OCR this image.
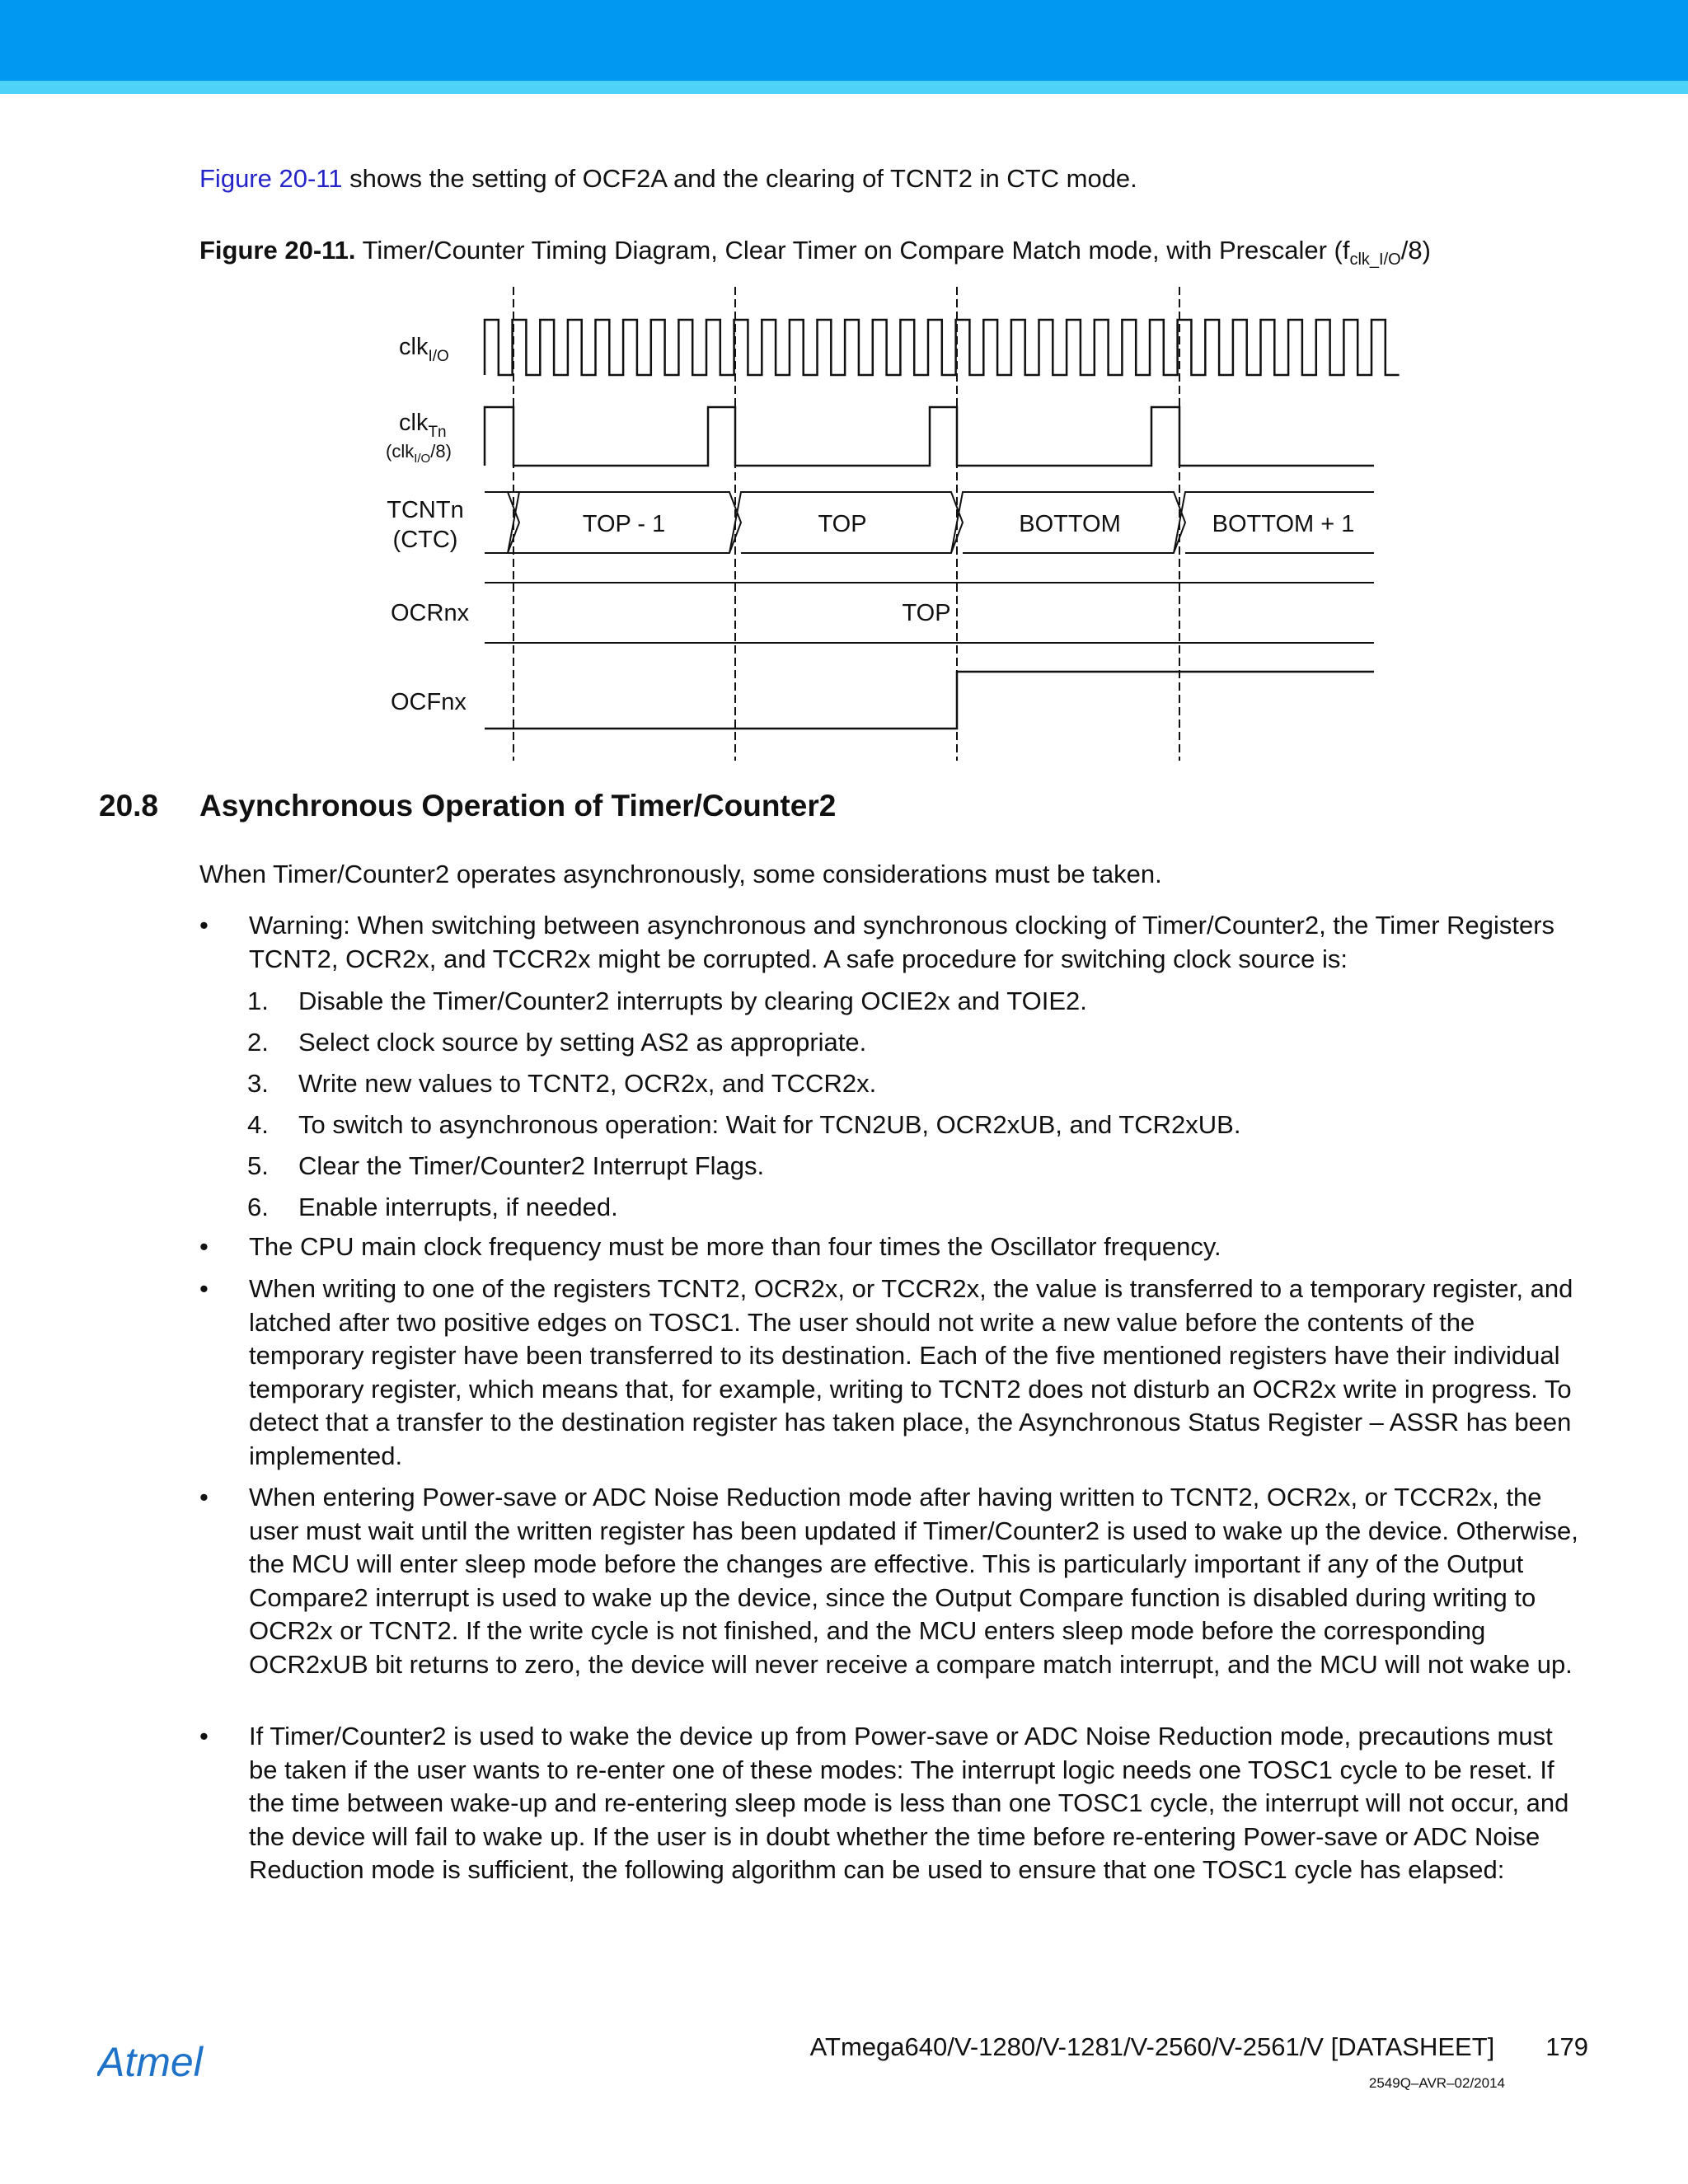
Figure 20-11 shows the setting of OCF2A and the clearing of TCNT2 in CTC mode.
Figure 20-11. Timer/Counter Timing Diagram, Clear Timer on Compare Match mode, with Prescaler $(f_{clk\_I/O}/8)$
clk$_{I/O}$
clk$_{Tn}$
(clk$_{I/O}$/8)
TCNTn
(CTC)
OCRnx
OCFnx
TOP - 1	TOP	BOTTOM	BOTTOM + 1
TOP
20.8 Asynchronous Operation of Timer/Counter2
When Timer/Counter2 operates asynchronously, some considerations must be taken.
• Warning: When switching between asynchronous and synchronous clocking of Timer/Counter2, the Timer Registers TCNT2, OCR2x, and TCCR2x might be corrupted. A safe procedure for switching clock source is:
1. Disable the Timer/Counter2 interrupts by clearing OCIE2x and TOIE2.
2. Select clock source by setting AS2 as appropriate.
3. Write new values to TCNT2, OCR2x, and TCCR2x.
4. To switch to asynchronous operation: Wait for TCN2UB, OCR2xUB, and TCR2xUB.
5. Clear the Timer/Counter2 Interrupt Flags.
6. Enable interrupts, if needed.
• The CPU main clock frequency must be more than four times the Oscillator frequency.
• When writing to one of the registers TCNT2, OCR2x, or TCCR2x, the value is transferred to a temporary register, and latched after two positive edges on TOSC1. The user should not write a new value before the contents of the temporary register have been transferred to its destination. Each of the five mentioned registers have their individual temporary register, which means that, for example, writing to TCNT2 does not disturb an OCR2x write in progress. To detect that a transfer to the destination register has taken place, the Asynchronous Status Register – ASSR has been implemented.
• When entering Power-save or ADC Noise Reduction mode after having written to TCNT2, OCR2x, or TCCR2x, the user must wait until the written register has been updated if Timer/Counter2 is used to wake up the device. Otherwise, the MCU will enter sleep mode before the changes are effective. This is particularly important if any of the Output Compare2 interrupt is used to wake up the device, since the Output Compare function is disabled during writing to OCR2x or TCNT2. If the write cycle is not finished, and the MCU enters sleep mode before the corresponding OCR2xUB bit returns to zero, the device will never receive a compare match interrupt, and the MCU will not wake up.
• If Timer/Counter2 is used to wake the device up from Power-save or ADC Noise Reduction mode, precautions must be taken if the user wants to re-enter one of these modes: The interrupt logic needs one TOSC1 cycle to be reset. If the time between wake-up and re-entering sleep mode is less than one TOSC1 cycle, the interrupt will not occur, and the device will fail to wake up. If the user is in doubt whether the time before re-entering Power-save or ADC Noise Reduction mode is sufficient, the following algorithm can be used to ensure that one TOSC1 cycle has elapsed:
Atmel	ATmega640/V-1280/V-1281/V-2560/V-2561/V [DATASHEET] 179
2549Q–AVR–02/2014
